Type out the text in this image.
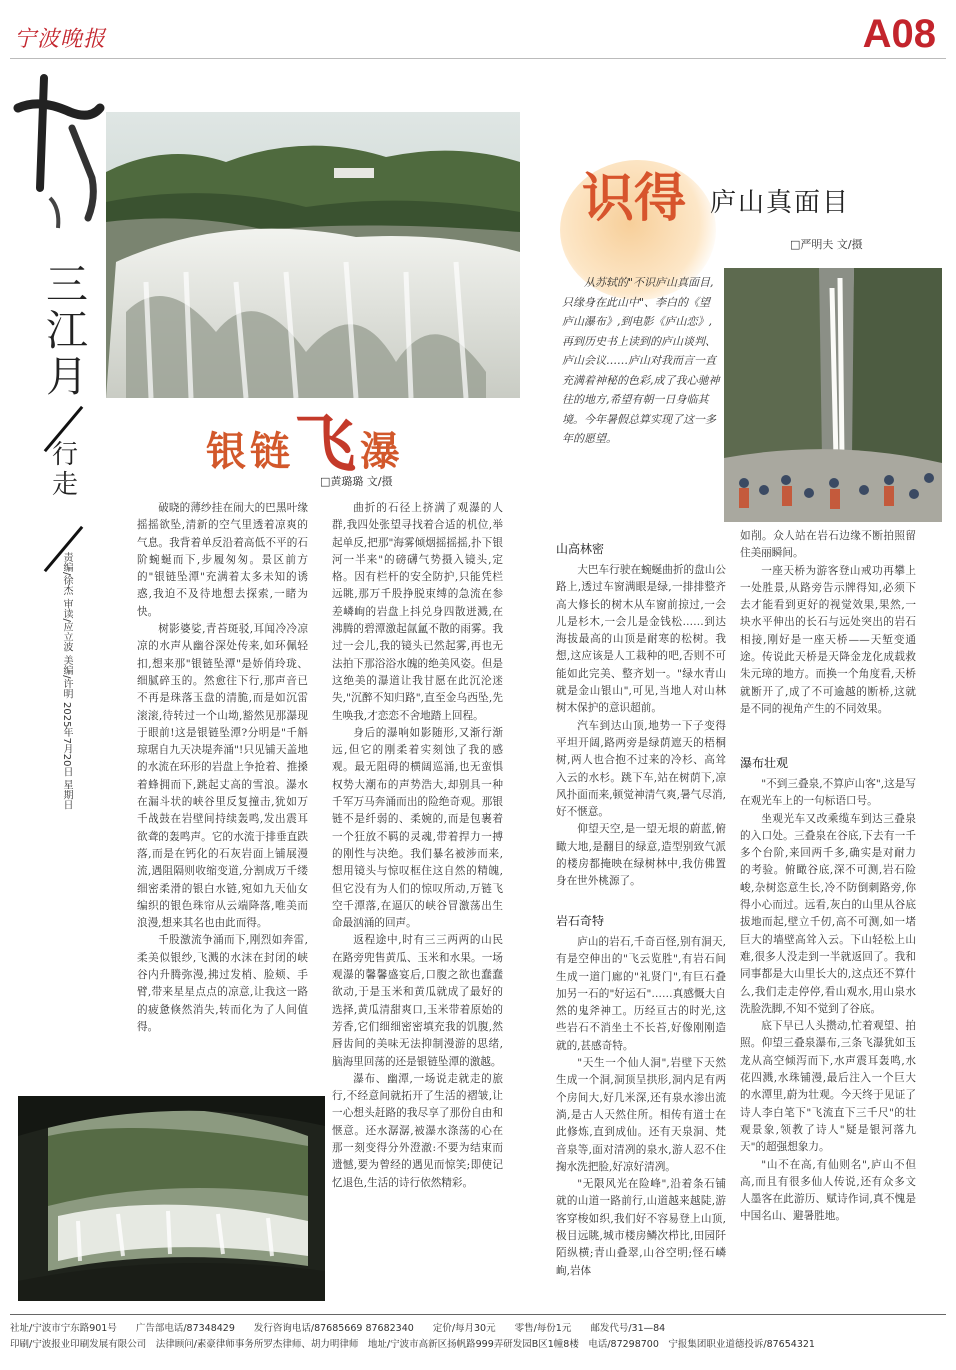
宁波晚报	A08
三江月
行走
责编/徐杰 审读/应立波 美编/许明 2025年7月20日 星期日
银链飞瀑
□黄璐璐 文/摄

破晓的薄纱挂在闹大的巴黑叶缘摇摇欲坠,清新的空气里透着凉爽的气息。我背着单反沿着高低不平的石阶蜿蜒而下,步履匆匆。景区前方的"银链坠潭"充满着太多未知的诱惑,我迫不及待地想去探索,一睹为快。

树影婆娑,青苔斑驳,耳闻冷冷凉凉的水声从幽谷深处传来,如环佩轻扣,想来那"银链坠潭"是娇俏玲珑、细腻碎玉的。然愈往下行,那声音已不再是珠落玉盘的清脆,而是如沉雷滚滚,待转过一个山坳,豁然见那瀑现于眼前!这是银链坠潭?分明是"千斛琼琚自九天决堤奔涌"!只见铺天盖地的水流在环形的岩盘上争抢着、推搡着蜂拥而下,跳起丈高的雪浪。瀑水在漏斗状的峡谷里反复撞击,犹如万千战鼓在岩壁间持续轰鸣,发出震耳欲聋的轰鸣声。它的水流于排垂直跌落,而是在钙化的石灰岩面上铺展漫流,遇阻隔则收缩变道,分割成万千缕细密柔滑的银白水链,宛如九天仙女编织的银色珠帘从云端降落,唯美而浪漫,想来其名也由此而得。

千股激流争涌而下,刚烈如奔雷,柔美似银纱,飞溅的水沫在封闭的峡谷内升腾弥漫,拂过发梢、脸颊、手臂,带来星星点点的凉意,让我这一路的疲惫倏然消失,转而化为了人间值得。

曲折的石径上挤满了观瀑的人群,我四处张望寻找着合适的机位,举起单反,把那"海雾倾烟摇摇摇,扑下银河一半来"的磅礴气势摄入镜头,定格。因有栏杆的安全防护,只能凭栏远眺,那万千股挣脱束缚的急流在参差嶙峋的岩盘上抖兑身四散迸溅,在沸腾的碧潭激起氤氲不散的雨雾。我过一会儿,我的镜头已然起雾,再也无法拍下那浴浴水魄的绝美风姿。但是这绝美的瀑道让我甘愿在此沉沦迷失,"沉醉不知归路",直至金乌西坠,先生唤我,才恋恋不舍地踏上回程。

身后的瀑响如影随形,又渐行渐远,但它的刚柔着实刻蚀了我的感观。最无阻碍的横阔巡涌,也无蛮惧权势大潮布的声势浩大,却别具一种千军万马奔涌而出的险绝奇观。那银链不是纤弱的、柔婉的,而是包裹着一个狂放不羁的灵魂,带着捍力一搏的刚性与决绝。我们暴名被涉而来,想用镜头与惊叹框住这自然的精魄,但它没有为人们的惊叹所动,万链飞空千潭落,在逼仄的峡谷冒激荡出生命最汹涌的回声。

返程途中,时有三三两两的山民在路旁兜售黄瓜、玉米和水果。一场观瀑的馨馨盛宴后,口腹之欲也蠢蠢欲动,于是玉米和黄瓜就成了最好的选择,黄瓜清甜爽口,玉米带着原始的芳香,它们细细密密填充我的饥腹,然唇齿间的美味无法抑制漫游的思绪,脑海里回荡的还是银链坠潭的激越。

瀑布、幽潭,一场说走就走的旅行,不经意间就拓开了生活的褶皱,让一心想头赶路的我尽享了那份自由和惬意。还水潺潺,被瀑水涤荡的心在那一刻变得分外澄澈:不要为结束而遗憾,要为曾经的遇见而惊笑;即使记忆退色,生活的诗行依然精彩。

识得 庐山真面目
□严明夫 文/摄
从苏轼的"不识庐山真面目,只缘身在此山中"、李白的《望庐山瀑布》,到电影《庐山恋》,再到历史书上读到的庐山谈判、庐山会议……庐山对我而言一直充满着神秘的色彩,成了我心驰神往的地方,希望有朝一日身临其境。今年暑假总算实现了这一多年的愿望。
山高林密

大巴车行驶在蜿蜒曲折的盘山公路上,透过车窗满眼是绿,一排排整齐高大修长的树木从车窗前掠过,一会儿是杉木,一会儿是金钱松……到达海拔最高的山顶是耐寒的松树。我想,这应该是人工栽种的吧,否则不可能如此完美、整齐划一。"绿水青山就是金山银山",可见,当地人对山林树木保护的意识超前。

汽车到达山顶,地势一下子变得平坦开阔,路两旁是绿荫遮天的梧桐树,两人也合抱不过来的冷杉、高耸入云的水杉。跳下车,站在树荫下,凉风扑面而来,顿觉神清气爽,暑气尽消,好不惬意。

仰望天空,是一望无垠的蔚蓝,俯瞰大地,是翻目的绿意,造型别致气派的楼房都掩映在绿树林中,我仿佛置身在世外桃源了。

岩石奇特

庐山的岩石,千奇百怪,别有洞天,有是空伸出的"飞云览胜",有岩石间生成一道门廊的"礼贤门",有巨石叠加另一石的"好运石"……真感慨大自然的鬼斧神工。历经亘古的时光,这些岩石不消坐土不长苔,好像刚刚造就的,甚感奇特。

"天生一个仙人洞",岩壁下天然生成一个洞,洞顶呈拱形,洞内足有两个房间大,好几米深,还有泉水渗出流淌,是古人天然住所。相传有道士在此修炼,直到成仙。还有天泉洞、梵音泉等,面对清冽的泉水,游人忍不住掬水洗把脸,好凉好清冽。

"无限风光在险峰",沿着条石铺就的山道一路前行,山道越来越陡,游客穿梭如织,我们好不容易登上山顶,极目远眺,城市楼房鳞次栉比,田园阡陌纵横;青山叠翠,山谷空明;怪石嶙峋,岩体

如削。众人站在岩石边缘不断拍照留住美丽瞬间。

一座天桥为游客登山戒功再攀上一处胜景,从路旁告示牌得知,必须下去才能看到更好的视觉效果,果然,一块水平伸出的长石与远处突出的岩石相接,刚好是一座天桥——天堑变通途。传说此天桥是天降金龙化成载救朱元璋的地方。而换一个角度看,天桥就断开了,成了不可逾越的断桥,这就是不同的视角产生的不同效果。

瀑布壮观

"不到三叠泉,不算庐山客",这是写在观光车上的一句标语口号。

坐观光车又改乘缆车到达三叠泉的入口处。三叠泉在谷底,下去有一千多个台阶,来回两千多,确实是对耐力的考验。俯瞰谷底,深不可测,岩石险峻,杂树恣意生长,冷不防倒刺路旁,你得小心而过。远看,灰白的山里从谷底拔地而起,壁立千仞,高不可测,如一堵巨大的墙壁高耸入云。下山轻松上山难,很多人没走到一半就返回了。我和同事都是大山里长大的,这点还不算什么,我们走走停停,看山观水,用山泉水洗脸洗脚,不知不觉到了谷底。

底下早已人头攒动,忙着观望、拍照。仰望三叠泉瀑布,三条飞瀑犹如玉龙从高空倾泻而下,水声震耳轰鸣,水花四溅,水珠铺漫,最后注入一个巨大的水潭里,蔚为壮观。今天终于见证了诗人李白笔下"飞流直下三千尺"的壮观景象,领教了诗人"疑是银河落九天"的超强想象力。

"山不在高,有仙则名",庐山不但高,而且有很多仙人传说,还有众多文人墨客在此游历、赋诗作词,真不愧是中国名山、避暑胜地。

社址/宁波市宁东路901号　　广告部电话/87348429　　发行咨询电话/87685669 87682340　　定价/每月30元　　零售/每份1元　　邮发代号/31—84
印刷/宁波报业印刷发展有限公司　法律顾问/素豪律师事务所罗杰律师、胡力明律师　地址/宁波市高新区扬帆路999弄研发园B区1幢8楼　电话/87298700　宁报集团职业道德投诉/87654321
